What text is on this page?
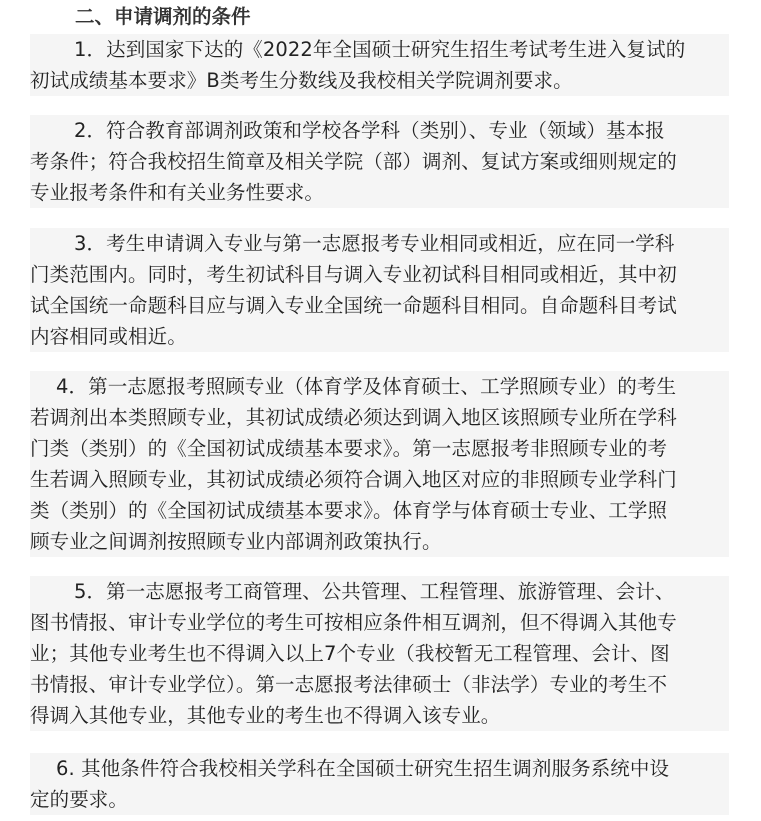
二、申请调剂的条件
1．达到国家下达的《2022年全国硕士研究生招生考试考生进入复试的
初试成绩基本要求》B类考生分数线及我校相关学院调剂要求。
2．符合教育部调剂政策和学校各学科（类别）、专业（领域）基本报
考条件；符合我校招生简章及相关学院（部）调剂、复试方案或细则规定的
专业报考条件和有关业务性要求。
3．考生申请调入专业与第一志愿报考专业相同或相近，应在同一学科
门类范围内。同时，考生初试科目与调入专业初试科目相同或相近，其中初
试全国统一命题科目应与调入专业全国统一命题科目相同。自命题科目考试
内容相同或相近。
4．第一志愿报考照顾专业（体育学及体育硕士、工学照顾专业）的考生
若调剂出本类照顾专业，其初试成绩必须达到调入地区该照顾专业所在学科
门类（类别）的《全国初试成绩基本要求》。第一志愿报考非照顾专业的考
生若调入照顾专业，其初试成绩必须符合调入地区对应的非照顾专业学科门
类（类别）的《全国初试成绩基本要求》。体育学与体育硕士专业、工学照
顾专业之间调剂按照顾专业内部调剂政策执行。
5．第一志愿报考工商管理、公共管理、工程管理、旅游管理、会计、
图书情报、审计专业学位的考生可按相应条件相互调剂，但不得调入其他专
业；其他专业考生也不得调入以上7个专业（我校暂无工程管理、会计、图
书情报、审计专业学位）。第一志愿报考法律硕士（非法学）专业的考生不
得调入其他专业，其他专业的考生也不得调入该专业。
6. 其他条件符合我校相关学科在全国硕士研究生招生调剂服务系统中设
定的要求。
